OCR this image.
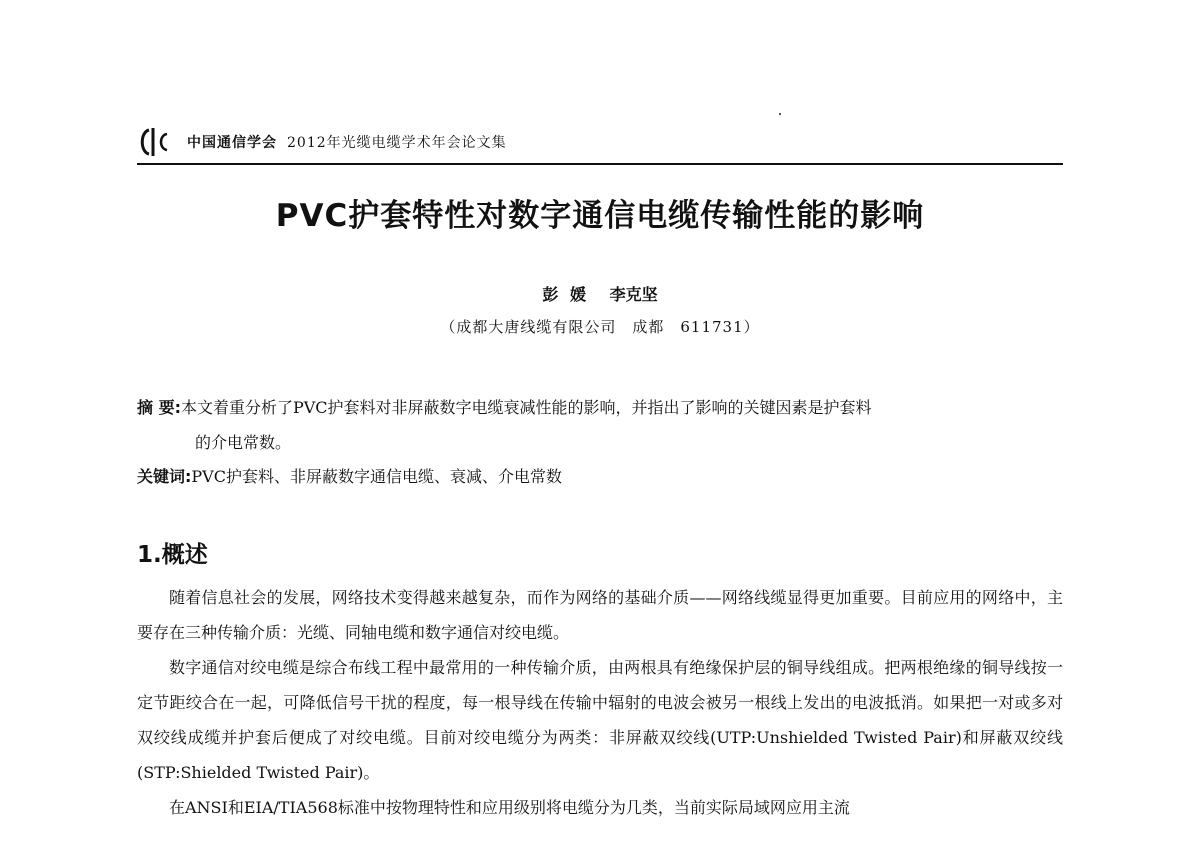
中国通信学会 2012年光缆电缆学术年会论文集
PVC护套特性对数字通信电缆传输性能的影响
彭 媛 李克坚
（成都大唐线缆有限公司　成都　611731）
摘 要:本文着重分析了PVC护套料对非屏蔽数字电缆衰减性能的影响，并指出了影响的关键因素是护套料
的介电常数。
关键词:PVC护套料、非屏蔽数字通信电缆、衰减、介电常数
1.概述

随着信息社会的发展，网络技术变得越来越复杂，而作为网络的基础介质——网络线缆显得更加重要。目前应用的网络中，主要存在三种传输介质：光缆、同轴电缆和数字通信对绞电缆。

数字通信对绞电缆是综合布线工程中最常用的一种传输介质，由两根具有绝缘保护层的铜导线组成。把两根绝缘的铜导线按一定节距绞合在一起，可降低信号干扰的程度，每一根导线在传输中辐射的电波会被另一根线上发出的电波抵消。如果把一对或多对双绞线成缆并护套后便成了对绞电缆。目前对绞电缆分为两类：非屏蔽双绞线(UTP:Unshielded Twisted Pair)和屏蔽双绞线(STP:Shielded Twisted Pair)。

在ANSI和EIA/TIA568标准中按物理特性和应用级别将电缆分为几类，当前实际局域网应用主流
